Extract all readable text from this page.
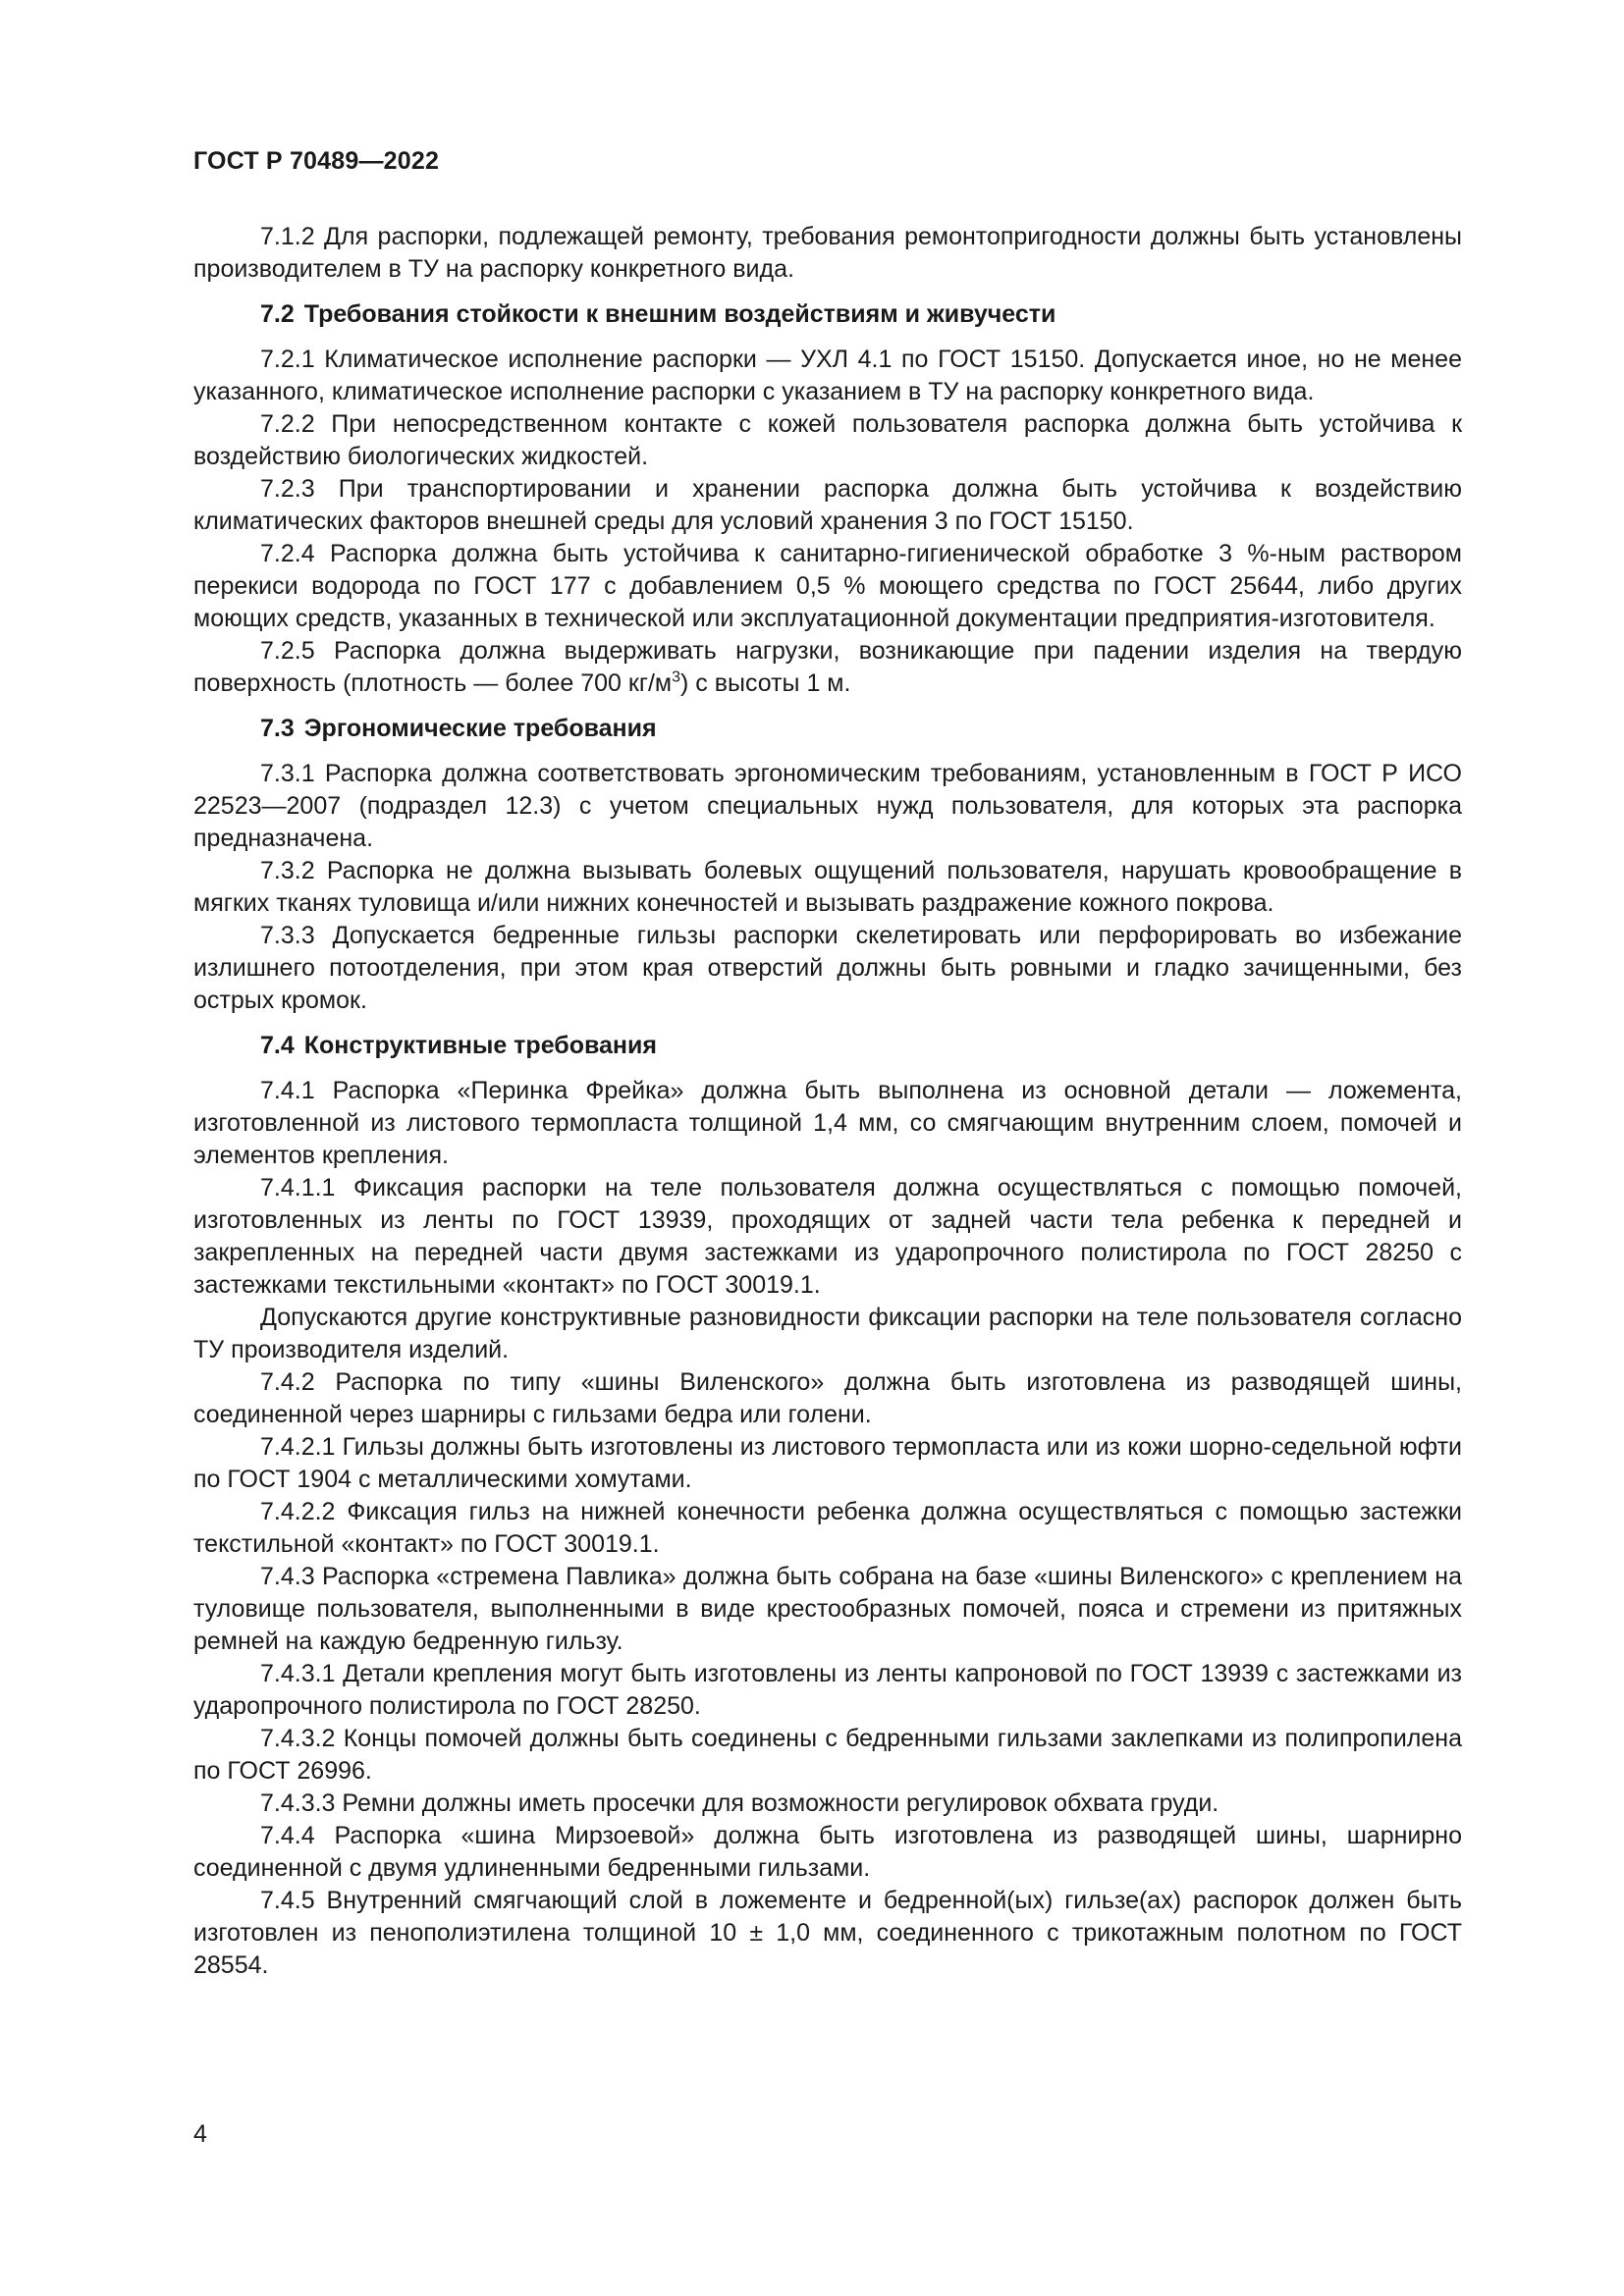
ГОСТ Р 70489—2022

7.1.2 Для распорки, подлежащей ремонту, требования ремонтопригодности должны быть установлены производителем в ТУ на распорку конкретного вида.

7.2 Требования стойкости к внешним воздействиям и живучести

7.2.1 Климатическое исполнение распорки — УХЛ 4.1 по ГОСТ 15150. Допускается иное, но не менее указанного, климатическое исполнение распорки с указанием в ТУ на распорку конкретного вида.

7.2.2 При непосредственном контакте с кожей пользователя распорка должна быть устойчива к воздействию биологических жидкостей.

7.2.3 При транспортировании и хранении распорка должна быть устойчива к воздействию климатических факторов внешней среды для условий хранения 3 по ГОСТ 15150.

7.2.4 Распорка должна быть устойчива к санитарно-гигиенической обработке 3 %-ным раствором перекиси водорода по ГОСТ 177 с добавлением 0,5 % моющего средства по ГОСТ 25644, либо других моющих средств, указанных в технической или эксплуатационной документации предприятия-изготовителя.

7.2.5 Распорка должна выдерживать нагрузки, возникающие при падении изделия на твердую поверхность (плотность — более 700 $кг/м^3$) с высоты 1 м.

7.3 Эргономические требования

7.3.1 Распорка должна соответствовать эргономическим требованиям, установленным в ГОСТ Р ИСО 22523—2007 (подраздел 12.3) с учетом специальных нужд пользователя, для которых эта распорка предназначена.

7.3.2 Распорка не должна вызывать болевых ощущений пользователя, нарушать кровообращение в мягких тканях туловища и/или нижних конечностей и вызывать раздражение кожного покрова.

7.3.3 Допускается бедренные гильзы распорки скелетировать или перфорировать во избежание излишнего потоотделения, при этом края отверстий должны быть ровными и гладко зачищенными, без острых кромок.

7.4 Конструктивные требования

7.4.1 Распорка «Перинка Фрейка» должна быть выполнена из основной детали — ложемента, изготовленной из листового термопласта толщиной 1,4 мм, со смягчающим внутренним слоем, помочей и элементов крепления.

7.4.1.1 Фиксация распорки на теле пользователя должна осуществляться с помощью помочей, изготовленных из ленты по ГОСТ 13939, проходящих от задней части тела ребенка к передней и закрепленных на передней части двумя застежками из ударопрочного полистирола по ГОСТ 28250 с застежками текстильными «контакт» по ГОСТ 30019.1.

Допускаются другие конструктивные разновидности фиксации распорки на теле пользователя согласно ТУ производителя изделий.

7.4.2 Распорка по типу «шины Виленского» должна быть изготовлена из разводящей шины, соединенной через шарниры с гильзами бедра или голени.

7.4.2.1 Гильзы должны быть изготовлены из листового термопласта или из кожи шорно-седельной юфти по ГОСТ 1904 с металлическими хомутами.

7.4.2.2 Фиксация гильз на нижней конечности ребенка должна осуществляться с помощью застежки текстильной «контакт» по ГОСТ 30019.1.

7.4.3 Распорка «стремена Павлика» должна быть собрана на базе «шины Виленского» с креплением на туловище пользователя, выполненными в виде крестообразных помочей, пояса и стремени из притяжных ремней на каждую бедренную гильзу.

7.4.3.1 Детали крепления могут быть изготовлены из ленты капроновой по ГОСТ 13939 с застежками из ударопрочного полистирола по ГОСТ 28250.

7.4.3.2 Концы помочей должны быть соединены с бедренными гильзами заклепками из полипропилена по ГОСТ 26996.

7.4.3.3 Ремни должны иметь просечки для возможности регулировок обхвата груди.

7.4.4 Распорка «шина Мирзоевой» должна быть изготовлена из разводящей шины, шарнирно соединенной с двумя удлиненными бедренными гильзами.

7.4.5 Внутренний смягчающий слой в ложементе и бедренной(ых) гильзе(ах) распорок должен быть изготовлен из пенополиэтилена толщиной 10 ± 1,0 мм, соединенного с трикотажным полотном по ГОСТ 28554.

4
